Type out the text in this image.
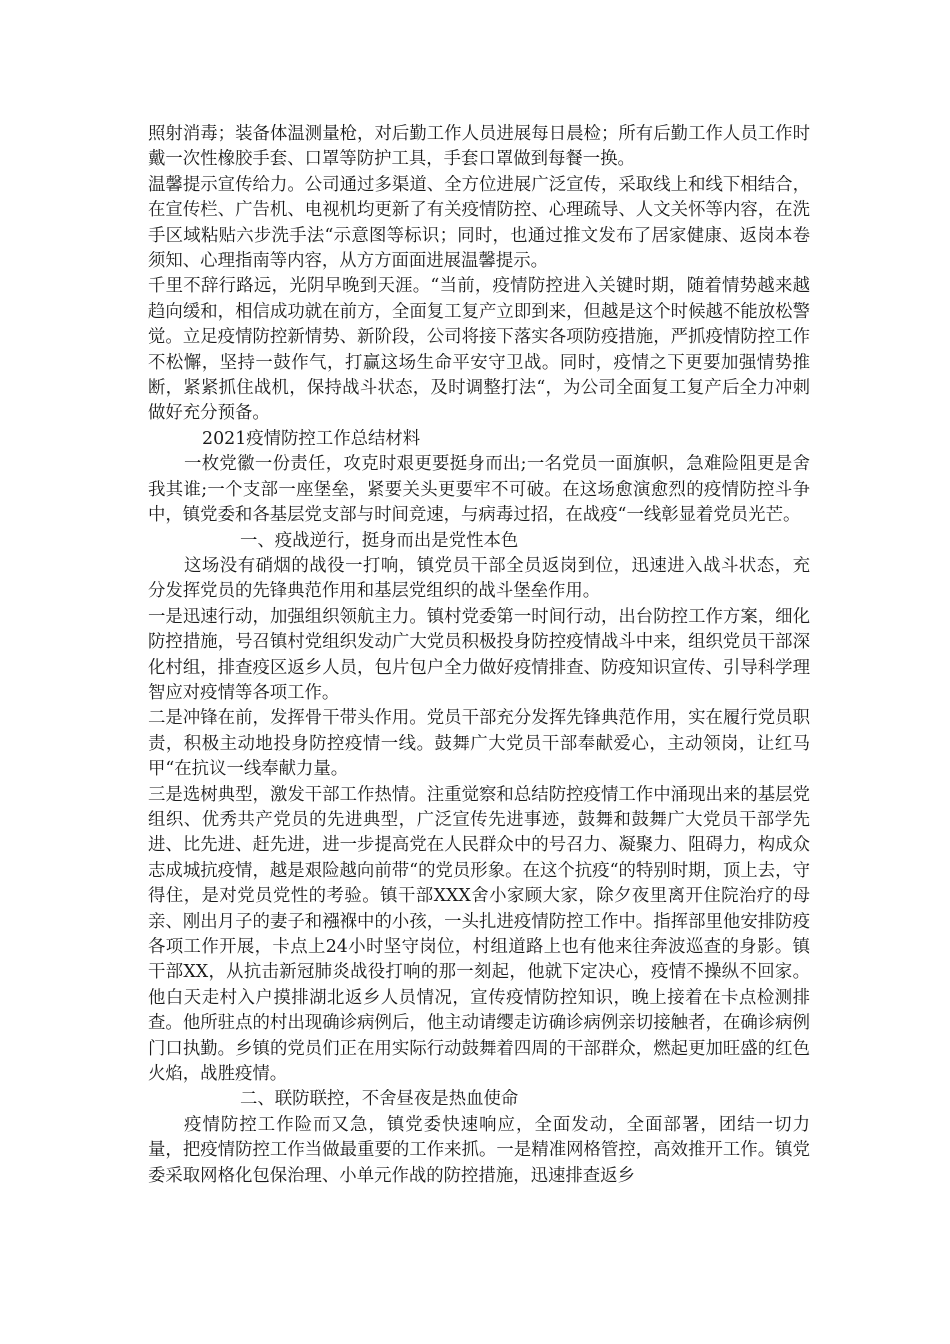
照射消毒；装备体温测量枪，对后勤工作人员进展每日晨检；所有后勤工作人员工作时戴一次性橡胶手套、口罩等防护工具，手套口罩做到每餐一换。

温馨提示宣传给力。公司通过多渠道、全方位进展广泛宣传，采取线上和线下相结合，在宣传栏、广告机、电视机均更新了有关疫情防控、心理疏导、人文关怀等内容，在洗手区域粘贴六步洗手法“示意图等标识；同时，也通过推文发布了居家健康、返岗本卷须知、心理指南等内容，从方方面面进展温馨提示。

千里不辞行路远，光阴早晚到天涯。“当前，疫情防控进入关键时期，随着情势越来越趋向缓和，相信成功就在前方，全面复工复产立即到来，但越是这个时候越不能放松警觉。立足疫情防控新情势、新阶段，公司将接下落实各项防疫措施，严抓疫情防控工作不松懈，坚持一鼓作气，打赢这场生命平安守卫战。同时，疫情之下更要加强情势推断，紧紧抓住战机，保持战斗状态，及时调整打法“，为公司全面复工复产后全力冲刺做好充分预备。

2021疫情防控工作总结材料

一枚党徽一份责任，攻克时艰更要挺身而出;一名党员一面旗帜，急难险阻更是舍我其谁;一个支部一座堡垒，紧要关头更要牢不可破。在这场愈演愈烈的疫情防控斗争中，镇党委和各基层党支部与时间竞速，与病毒过招，在战疫“一线彰显着党员光芒。

一、疫战逆行，挺身而出是党性本色

这场没有硝烟的战役一打响，镇党员干部全员返岗到位，迅速进入战斗状态，充分发挥党员的先锋典范作用和基层党组织的战斗堡垒作用。

一是迅速行动，加强组织领航主力。镇村党委第一时间行动，出台防控工作方案，细化防控措施，号召镇村党组织发动广大党员积极投身防控疫情战斗中来，组织党员干部深化村组，排查疫区返乡人员，包片包户全力做好疫情排查、防疫知识宣传、引导科学理智应对疫情等各项工作。

二是冲锋在前，发挥骨干带头作用。党员干部充分发挥先锋典范作用，实在履行党员职责，积极主动地投身防控疫情一线。鼓舞广大党员干部奉献爱心，主动领岗，让红马甲“在抗议一线奉献力量。

三是选树典型，激发干部工作热情。注重觉察和总结防控疫情工作中涌现出来的基层党组织、优秀共产党员的先进典型，广泛宣传先进事迹，鼓舞和鼓舞广大党员干部学先进、比先进、赶先进，进一步提高党在人民群众中的号召力、凝聚力、阻碍力，构成众志成城抗疫情，越是艰险越向前带“的党员形象。在这个抗疫“的特别时期，顶上去，守得住，是对党员党性的考验。镇干部XXX舍小家顾大家，除夕夜里离开住院治疗的母亲、刚出月子的妻子和襁褓中的小孩，一头扎进疫情防控工作中。指挥部里他安排防疫各项工作开展，卡点上24小时坚守岗位，村组道路上也有他来往奔波巡查的身影。镇干部XX，从抗击新冠肺炎战役打响的那一刻起，他就下定决心，疫情不操纵不回家。他白天走村入户摸排湖北返乡人员情况，宣传疫情防控知识，晚上接着在卡点检测排查。他所驻点的村出现确诊病例后，他主动请缨走访确诊病例亲切接触者，在确诊病例门口执勤。乡镇的党员们正在用实际行动鼓舞着四周的干部群众，燃起更加旺盛的红色火焰，战胜疫情。

二、联防联控，不舍昼夜是热血使命

疫情防控工作险而又急，镇党委快速响应，全面发动，全面部署，团结一切力量，把疫情防控工作当做最重要的工作来抓。一是精准网格管控，高效推开工作。镇党委采取网格化包保治理、小单元作战的防控措施，迅速排查返乡
